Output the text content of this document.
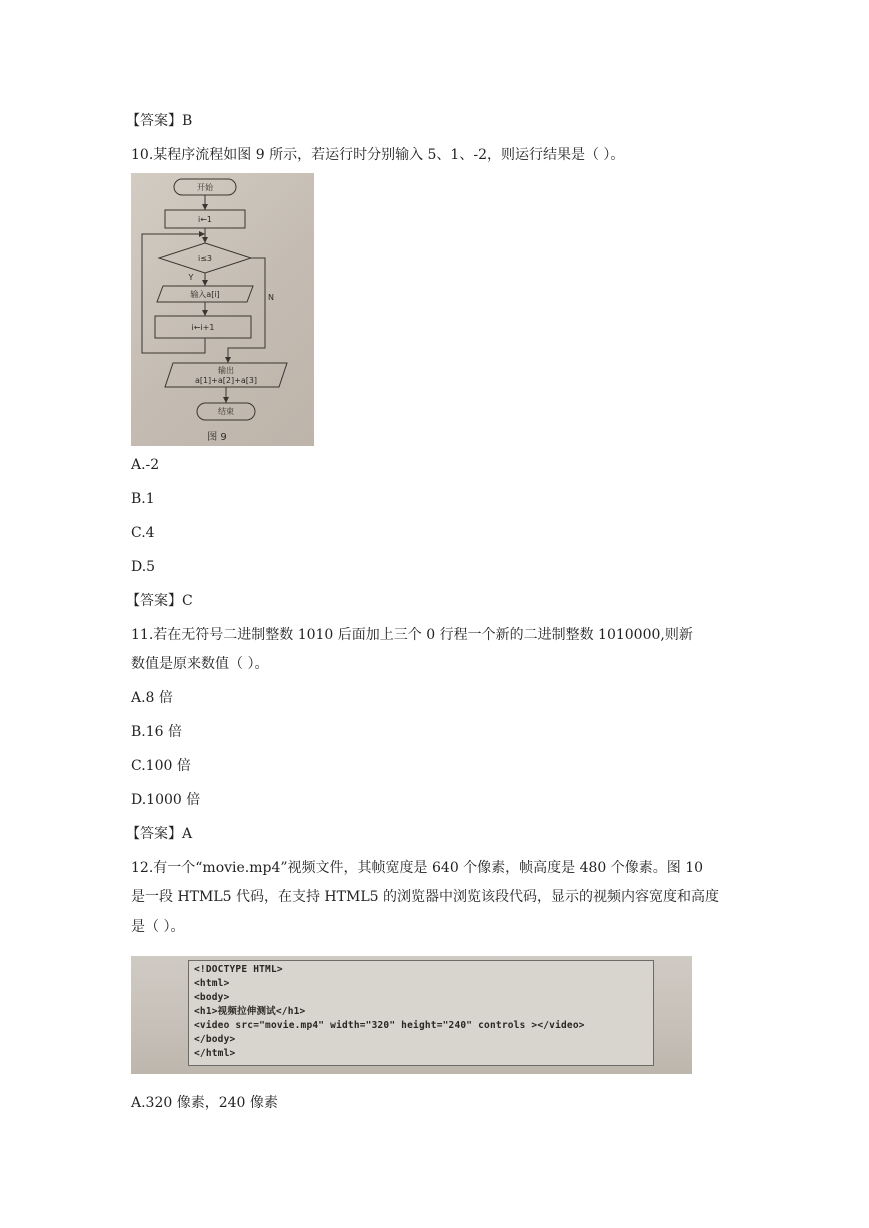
【答案】B
10.某程序流程如图 9 所示，若运行时分别输入 5、1、-2，则运行结果是（ ）。
开始
i←1
i≤3
Y
N
输入a[i]
i←i+1
输出
a[1]+a[2]+a[3]
结束
图 9
A.-2
B.1
C.4
D.5
【答案】C
11.若在无符号二进制整数 1010 后面加上三个 0 行程一个新的二进制整数 1010000,则新
数值是原来数值（ ）。
A.8 倍
B.16 倍
C.100 倍
D.1000 倍
【答案】A
12.有一个“movie.mp4”视频文件，其帧宽度是 640 个像素，帧高度是 480 个像素。图 10
是一段 HTML5 代码，在支持 HTML5 的浏览器中浏览该段代码，显示的视频内容宽度和高度
是（ ）。
<!DOCTYPE HTML>
<html>
<body>
<h1>视频拉伸测试</h1>
<video src="movie.mp4" width="320" height="240" controls ></video>
</body>
</html>
A.320 像素，240 像素
